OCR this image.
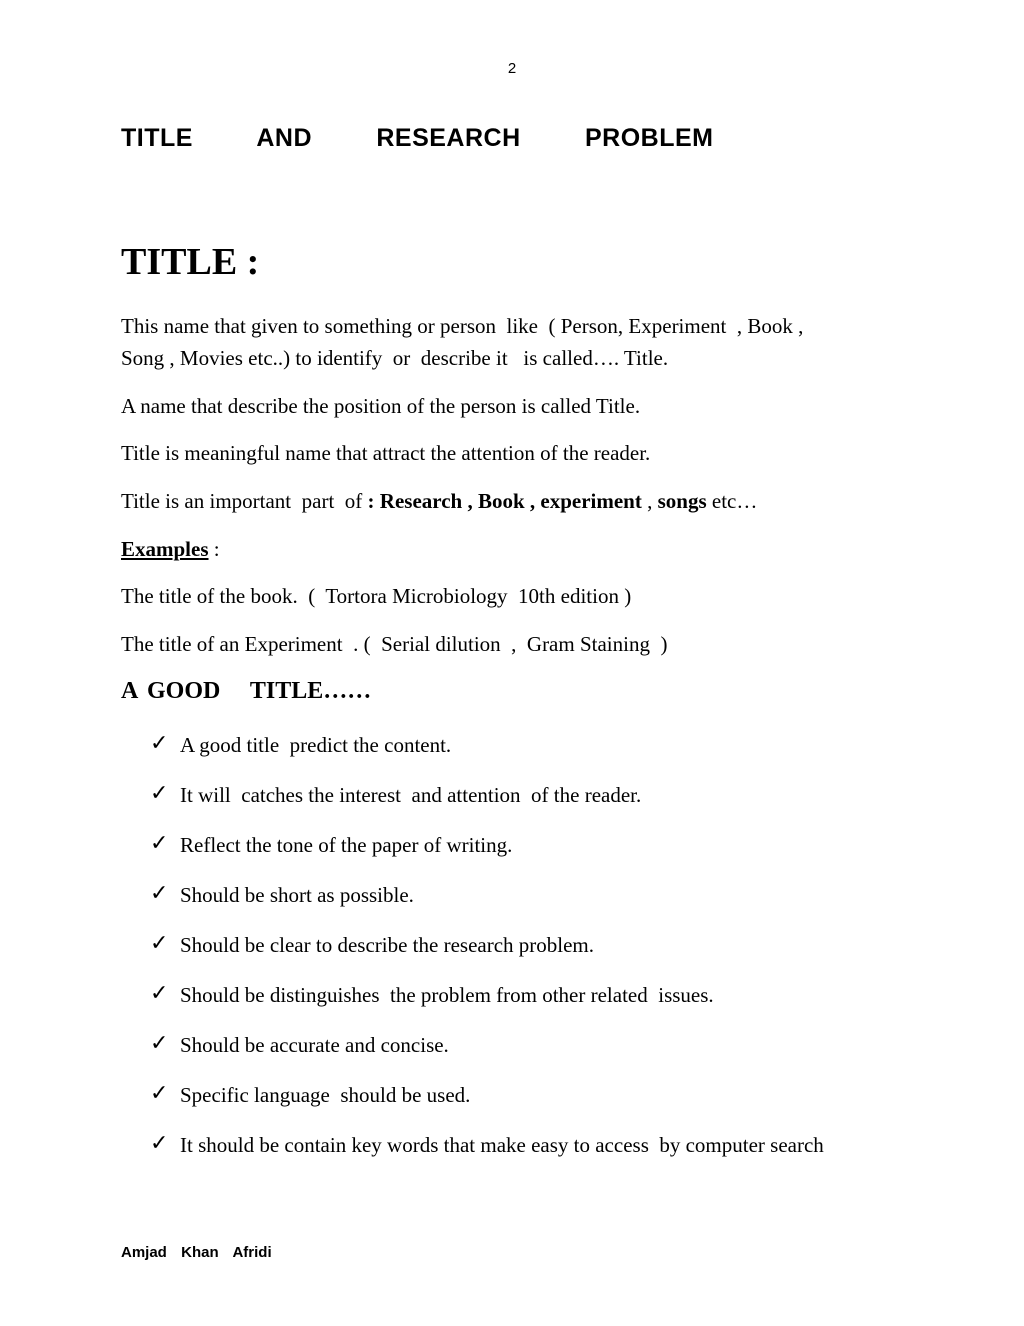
2
TITLE   AND   RESEARCH   PROBLEM
TITLE :
This name that given to something or person  like  ( Person, Experiment  , Book ,
Song , Movies etc..) to identify  or  describe it   is called…. Title.
A name that describe the position of the person is called Title.
Title is meaningful name that attract the attention of the reader.
Title is an important  part  of : Research , Book , experiment , songs etc…
Examples :
The title of the book.  (  Tortora Microbiology  10th edition )
The title of an Experiment  . (  Serial dilution  ,  Gram Staining  )
A GOOD   TITLE……
✓ A good title  predict the content.
✓ It will  catches the interest  and attention  of the reader.
✓ Reflect the tone of the paper of writing.
✓ Should be short as possible.
✓ Should be clear to describe the research problem.
✓ Should be distinguishes  the problem from other related  issues.
✓ Should be accurate and concise.
✓ Specific language  should be used.
✓ It should be contain key words that make easy to access  by computer search
Amjad  Khan  Afridi
